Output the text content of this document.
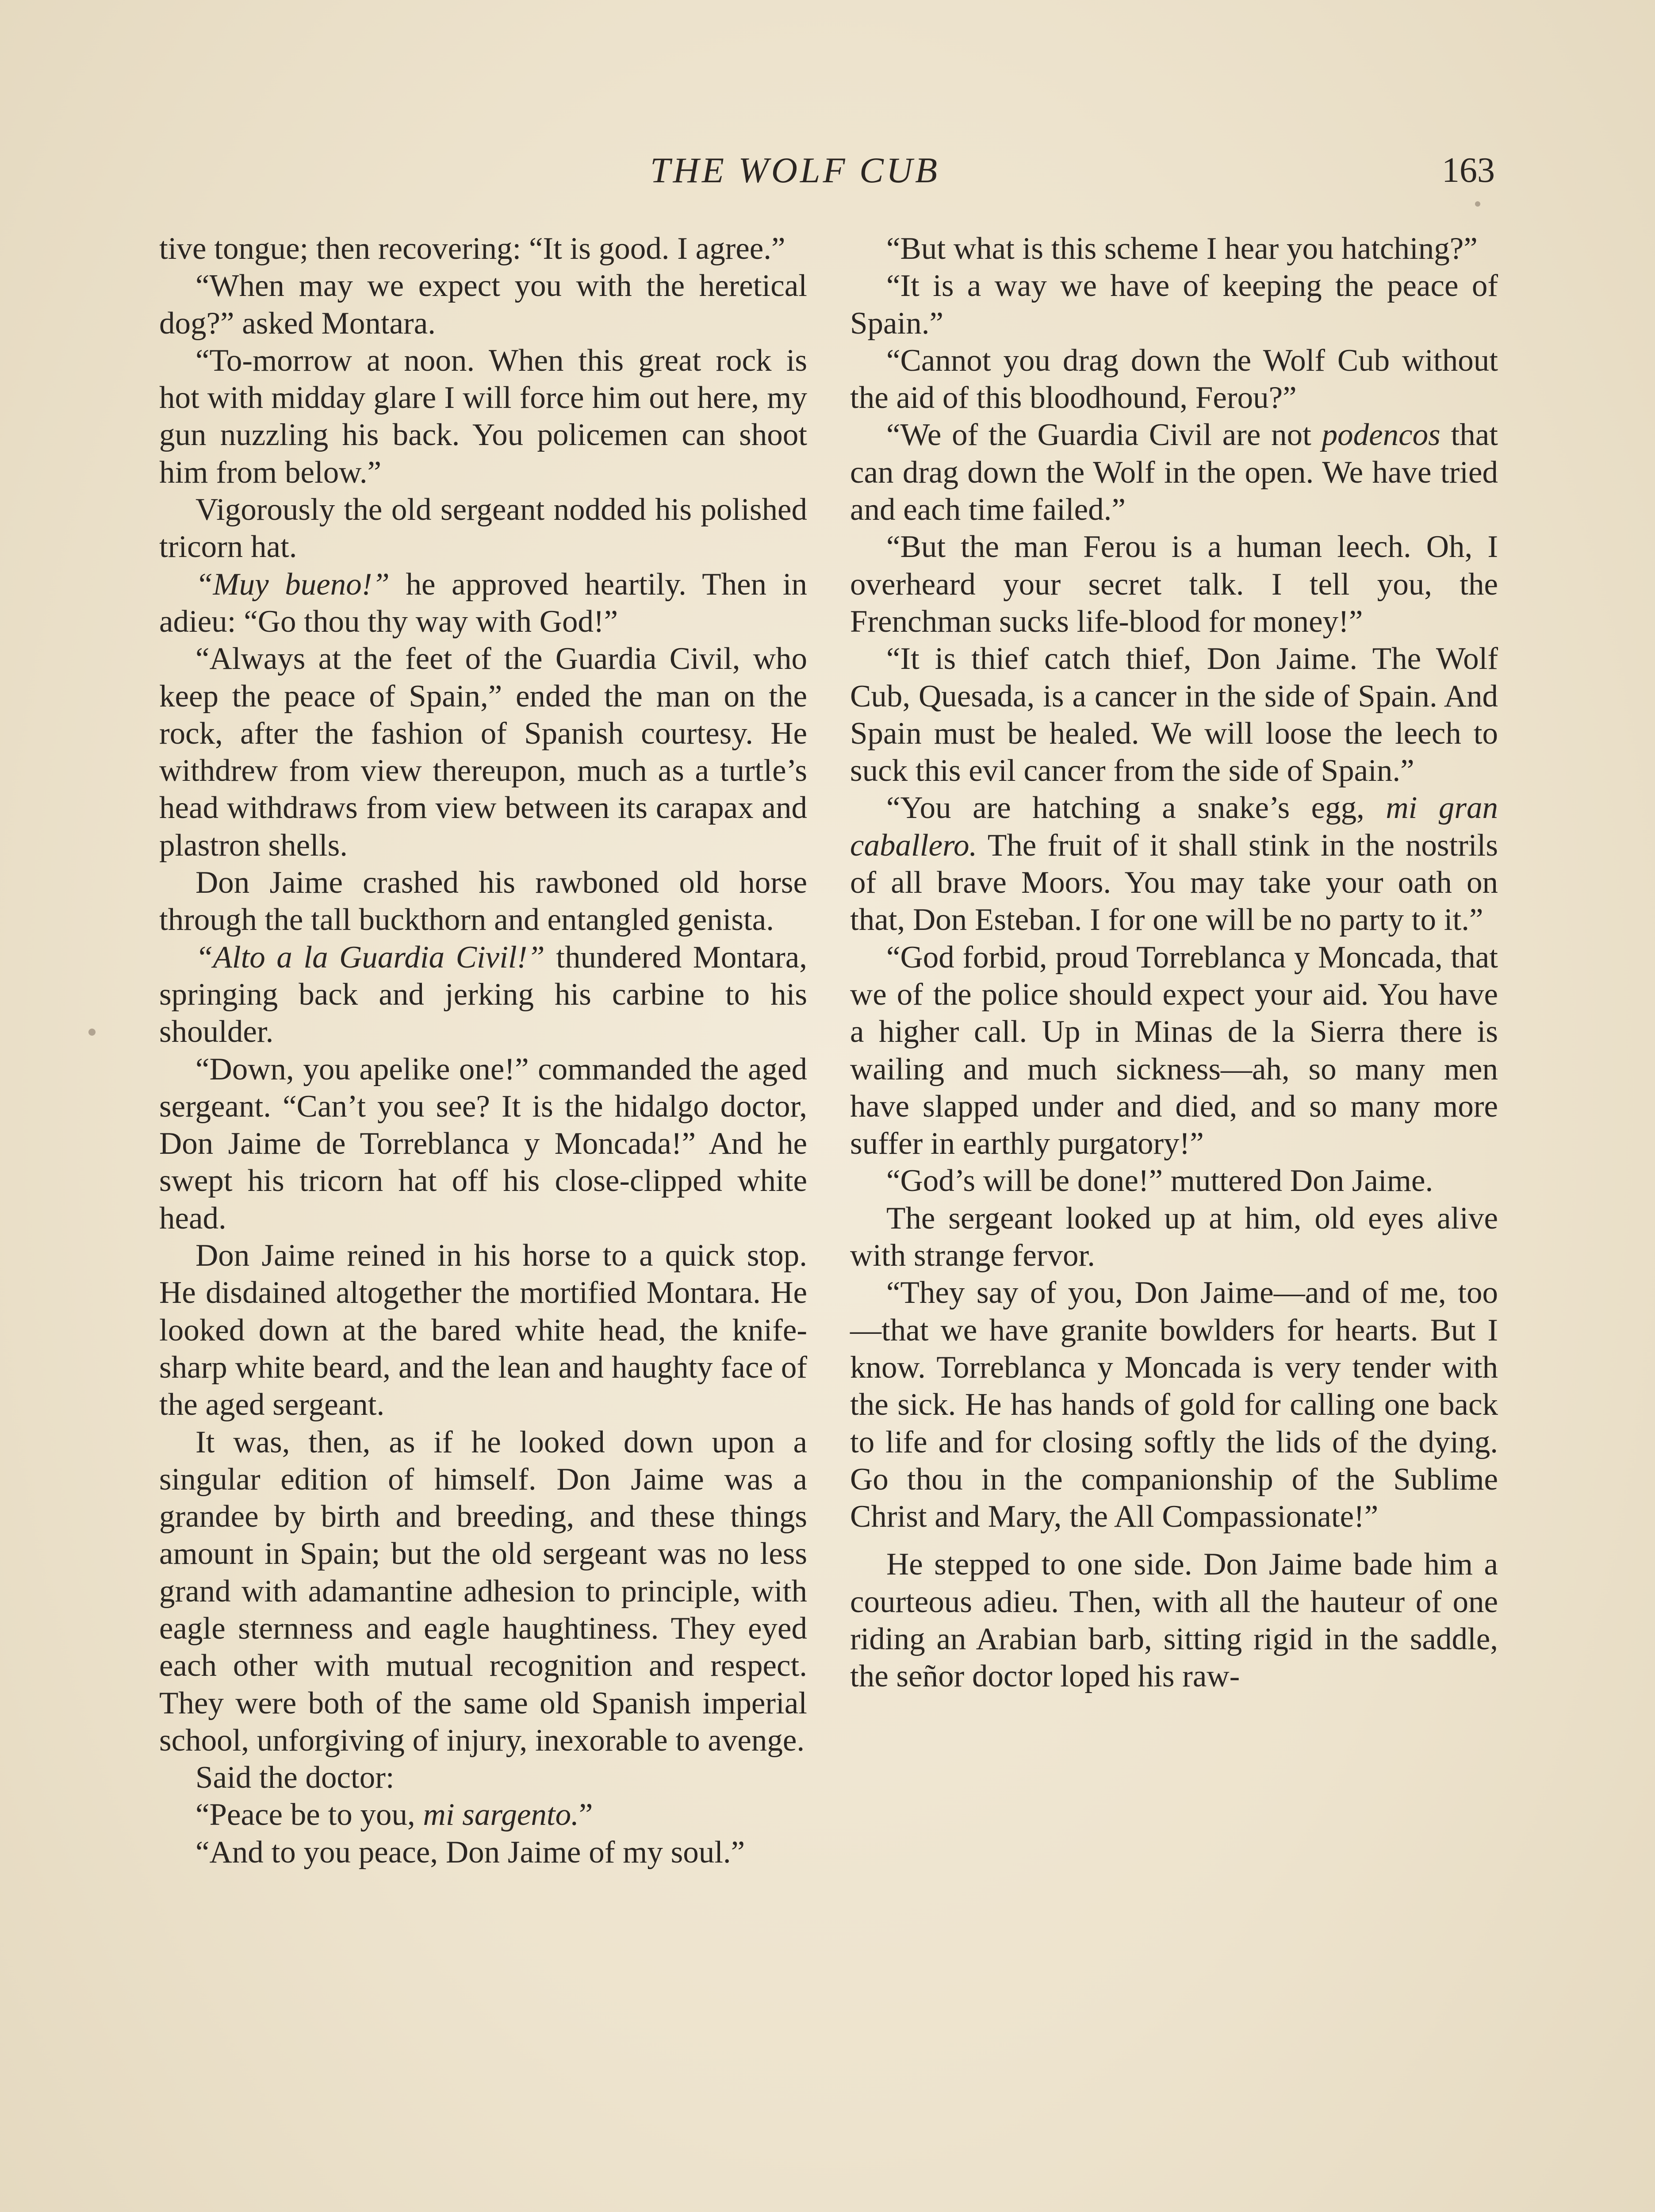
THE WOLF CUB	163

tive tongue; then recovering: “It is good. I agree.”

“When may we expect you with the heretical dog?” asked Montara.

“To-morrow at noon. When this great rock is hot with midday glare I will force him out here, my gun nuzzling his back. You policemen can shoot him from below.”

Vigorously the old sergeant nodded his polished tricorn hat.

“Muy bueno!” he approved heartily. Then in adieu: “Go thou thy way with God!”

“Always at the feet of the Guardia Civil, who keep the peace of Spain,” ended the man on the rock, after the fashion of Spanish courtesy. He withdrew from view thereupon, much as a turtle’s head withdraws from view between its carapax and plastron shells.

Don Jaime crashed his rawboned old horse through the tall buckthorn and entangled genista.

“Alto a la Guardia Civil!” thundered Montara, springing back and jerking his carbine to his shoulder.

“Down, you apelike one!” commanded the aged sergeant. “Can’t you see? It is the hidalgo doctor, Don Jaime de Torreblanca y Moncada!” And he swept his tricorn hat off his close-clipped white head.

Don Jaime reined in his horse to a quick stop. He disdained altogether the mortified Montara. He looked down at the bared white head, the knife-sharp white beard, and the lean and haughty face of the aged sergeant.

It was, then, as if he looked down upon a singular edition of himself. Don Jaime was a grandee by birth and breeding, and these things amount in Spain; but the old sergeant was no less grand with adamantine adhesion to principle, with eagle sternness and eagle haughtiness. They eyed each other with mutual recognition and respect. They were both of the same old Spanish imperial school, unforgiving of injury, inexorable to avenge.

Said the doctor:

“Peace be to you, mi sargento.”

“And to you peace, Don Jaime of my soul.”

“But what is this scheme I hear you hatching?”

“It is a way we have of keeping the peace of Spain.”

“Cannot you drag down the Wolf Cub without the aid of this bloodhound, Ferou?”

“We of the Guardia Civil are not podencos that can drag down the Wolf in the open. We have tried and each time failed.”

“But the man Ferou is a human leech. Oh, I overheard your secret talk. I tell you, the Frenchman sucks life-blood for money!”

“It is thief catch thief, Don Jaime. The Wolf Cub, Quesada, is a cancer in the side of Spain. And Spain must be healed. We will loose the leech to suck this evil cancer from the side of Spain.”

“You are hatching a snake’s egg, mi gran caballero. The fruit of it shall stink in the nostrils of all brave Moors. You may take your oath on that, Don Esteban. I for one will be no party to it.”

“God forbid, proud Torreblanca y Moncada, that we of the police should expect your aid. You have a higher call. Up in Minas de la Sierra there is wailing and much sickness—ah, so many men have slapped under and died, and so many more suffer in earthly purgatory!”

“God’s will be done!” muttered Don Jaime.

The sergeant looked up at him, old eyes alive with strange fervor.

“They say of you, Don Jaime—and of me, too—that we have granite bowlders for hearts. But I know. Torreblanca y Moncada is very tender with the sick. He has hands of gold for calling one back to life and for closing softly the lids of the dying. Go thou in the companionship of the Sublime Christ and Mary, the All Compassionate!”

He stepped to one side. Don Jaime bade him a courteous adieu. Then, with all the hauteur of one riding an Arabian barb, sitting rigid in the saddle, the señor doctor loped his raw-
